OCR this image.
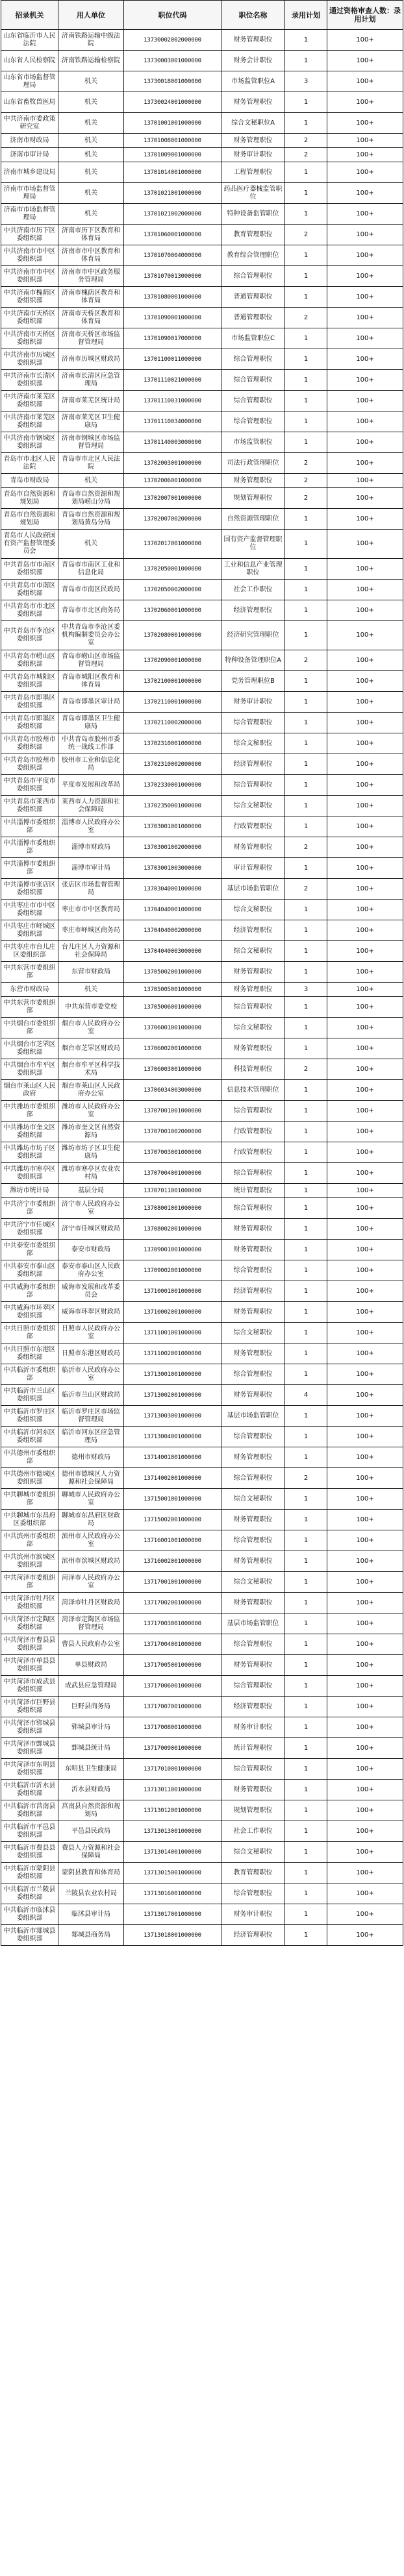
招录机关	用人单位	职位代码	职位名称	录用计划	通过资格审查人数：录用计划
山东省临沂市人民法院	济南铁路运输中级法院	13730002002000000	财务管理职位	1	100+
山东省人民检察院	济南铁路运输检察院	13730003001000000	财务会计职位	1	100+
山东省市场监督管理局	机关	13730018001000000	市场监管职位A	3	100+
山东省畜牧兽医局	机关	13730024001000000	财务管理职位	1	100+
中共济南市委政策研究室	机关	13701001001000000	综合文秘职位A	1	100+
济南市财政局	机关	13701008001000000	财务管理职位	2	100+
济南市审计局	机关	13701009001000000	财务审计职位	2	100+
济南市城乡建设局	机关	13701014001000000	工程管理职位	1	100+
济南市市场监督管理局	机关	13701021001000000	药品医疗器械监管职位	1	100+
济南市市场监督管理局	机关	13701021002000000	特种设备监管职位	1	100+
中共济南市历下区委组织部	济南市历下区教育和体育局	13701060001000000	教育管理职位	2	100+
中共济南市市中区委组织部	济南市市中区教育和体育局	13701070004000000	教育综合管理职位	1	100+
中共济南市市中区委组织部	济南市市中区政务服务管理局	13701070013000000	综合管理职位	1	100+
中共济南市槐荫区委组织部	济南市槐荫区教育和体育局	13701080001000000	普通管理职位	1	100+
中共济南市天桥区委组织部	济南市天桥区教育和体育局	13701090001000000	普通管理职位	2	100+
中共济南市天桥区委组织部	济南市天桥区市场监督管理局	13701090017000000	市场监管职位C	1	100+
中共济南市历城区委组织部	济南市历城区财政局	13701100011000000	综合管理职位	1	100+
中共济南市长清区委组织部	济南市长清区应急管理局	13701110021000000	综合管理职位	1	100+
中共济南市莱芜区委组织部	济南市莱芜区统计局	13701110031000000	综合管理职位	1	100+
中共济南市莱芜区委组织部	济南市莱芜区卫生健康局	13701110034000000	综合管理职位	1	100+
中共济南市钢城区委组织部	济南市钢城区市场监督管理局	13701140003000000	市场监管职位	1	100+
青岛市市北区人民法院	青岛市市北区人民法院	13702003001000000	司法行政管理职位	2	100+
青岛市财政局	机关	13702006001000000	财务管理职位	2	100+
青岛市自然资源和规划局	青岛市自然资源和规划局崂山分局	13702007001000000	规划管理职位	2	100+
青岛市自然资源和规划局	青岛市自然资源和规划局黄岛分局	13702007002000000	自然资源管理职位	1	100+
青岛市人民政府国有资产监督管理委员会	机关	13702017001000000	国有资产监督管理职位	1	100+
中共青岛市市南区委组织部	青岛市市南区工业和信息化局	13702050001000000	工业和信息产业管理职位	1	100+
中共青岛市市南区委组织部	青岛市市南区民政局	13702050002000000	社会工作职位	1	100+
中共青岛市市北区委组织部	青岛市市北区商务局	13702060001000000	经济管理职位	1	100+
中共青岛市李沧区委组织部	中共青岛市李沧区委机构编制委员会办公室	13702080001000000	经济研究管理职位	1	100+
中共青岛市崂山区委组织部	青岛市崂山区市场监督管理局	13702090001000000	特种设备管理职位A	2	100+
中共青岛市城阳区委组织部	青岛市城阳区教育和体育局	13702100001000000	党务管理职位B	1	100+
中共青岛市即墨区委组织部	青岛市即墨区审计局	13702110001000000	财务审计职位	1	100+
中共青岛市即墨区委组织部	青岛市即墨区卫生健康局	13702110002000000	综合管理职位	1	100+
中共青岛市胶州市委组织部	中共青岛市胶州市委统一战线工作部	13702310001000000	综合文秘职位	1	100+
中共青岛市胶州市委组织部	胶州市工业和信息化局	13702310002000000	经济管理职位	1	100+
中共青岛市平度市委组织部	平度市发展和改革局	13702330001000000	综合管理职位	1	100+
中共青岛市莱西市委组织部	莱西市人力资源和社会保障局	13702350001000000	综合文秘职位	1	100+
中共淄博市委组织部	淄博市人民政府办公室	13703001001000000	行政管理职位	1	100+
中共淄博市委组织部	淄博市财政局	13703001002000000	财务管理职位	2	100+
中共淄博市委组织部	淄博市审计局	13703001003000000	审计管理职位	1	100+
中共淄博市张店区委组织部	张店区市场监督管理局	13703040001000000	基层市场监管职位	2	100+
中共枣庄市市中区委组织部	枣庄市市中区教育局	13704040001000000	综合文秘职位	1	100+
中共枣庄市峄城区委组织部	枣庄市峄城区商务局	13704040002000000	经济管理职位	1	100+
中共枣庄市台儿庄区委组织部	台儿庄区人力资源和社会保障局	13704040003000000	综合文秘职位	1	100+
中共东营市委组织部	东营市财政局	13705002001000000	财务管理职位	1	100+
东营市财政局	机关	13705005001000000	财务管理职位	3	100+
中共东营市委组织部	中共东营市委党校	13705006001000000	综合管理职位	1	100+
中共烟台市委组织部	烟台市人民政府办公室	13706001001000000	综合文秘职位	1	100+
中共烟台市芝罘区委组织部	烟台市芝罘区财政局	13706002001000000	财务管理职位	1	100+
中共烟台市牟平区委组织部	烟台市牟平区科学技术局	13706003001000000	科技管理职位	2	100+
烟台市莱山区人民政府	烟台市莱山区人民政府办公室	13706034003000000	信息技术管理职位	1	100+
中共潍坊市委组织部	潍坊市人民政府办公室	13707001001000000	综合管理职位	1	100+
中共潍坊市奎文区委组织部	潍坊市奎文区自然资源局	13707001002000000	行政管理职位	1	100+
中共潍坊市坊子区委组织部	潍坊市坊子区卫生健康局	13707003001000000	行政管理职位	1	100+
中共潍坊市寒亭区委组织部	潍坊市寒亭区农业农村局	13707004001000000	综合管理职位	1	100+
潍坊市统计局	基层分局	13707011001000000	统计管理职位	1	100+
中共济宁市委组织部	济宁市人民政府办公室	13708001001000000	综合管理职位	1	100+
中共济宁市任城区委组织部	济宁市任城区财政局	13708002001000000	财务管理职位	1	100+
中共泰安市委组织部	泰安市财政局	13709001001000000	财务管理职位	1	100+
中共泰安市泰山区委组织部	泰安市泰山区人民政府办公室	13709002001000000	综合管理职位	1	100+
中共威海市委组织部	威海市发展和改革委员会	13710001001000000	经济管理职位	1	100+
中共威海市环翠区委组织部	威海市环翠区财政局	13710002001000000	财务管理职位	1	100+
中共日照市委组织部	日照市人民政府办公室	13711001001000000	综合文秘职位	1	100+
中共日照市东港区委组织部	日照市东港区财政局	13711002001000000	财务管理职位	1	100+
中共临沂市委组织部	临沂市人民政府办公室	13713001001000000	综合管理职位	1	100+
中共临沂市兰山区委组织部	临沂市兰山区财政局	13713002001000000	财务管理职位	4	100+
中共临沂市罗庄区委组织部	临沂市罗庄区市场监督管理局	13713003001000000	基层市场监管职位	1	100+
中共临沂市河东区委组织部	临沂市河东区应急管理局	13713004001000000	综合管理职位	1	100+
中共德州市委组织部	德州市财政局	13714001001000000	财务管理职位	1	100+
中共德州市德城区委组织部	德州市德城区人力资源和社会保障局	13714002001000000	综合管理职位	2	100+
中共聊城市委组织部	聊城市人民政府办公室	13715001001000000	综合文秘职位	1	100+
中共聊城市东昌府区委组织部	聊城市东昌府区财政局	13715002001000000	财务管理职位	1	100+
中共滨州市委组织部	滨州市人民政府办公室	13716001001000000	综合管理职位	1	100+
中共滨州市滨城区委组织部	滨州市滨城区财政局	13716002001000000	财务管理职位	1	100+
中共菏泽市委组织部	菏泽市人民政府办公室	13717001001000000	综合文秘职位	1	100+
中共菏泽市牡丹区委组织部	菏泽市牡丹区财政局	13717002001000000	财务管理职位	1	100+
中共菏泽市定陶区委组织部	菏泽市定陶区市场监督管理局	13717003001000000	基层市场监管职位	1	100+
中共菏泽市曹县县委组织部	曹县人民政府办公室	13717004001000000	综合管理职位	1	100+
中共菏泽市单县县委组织部	单县财政局	13717005001000000	财务管理职位	1	100+
中共菏泽市成武县委组织部	成武县应急管理局	13717006001000000	综合管理职位	1	100+
中共菏泽市巨野县委组织部	巨野县商务局	13717007001000000	经济管理职位	1	100+
中共菏泽市郓城县委组织部	郓城县审计局	13717008001000000	财务审计职位	1	100+
中共菏泽市鄄城县委组织部	鄄城县统计局	13717009001000000	统计管理职位	1	100+
中共菏泽市东明县委组织部	东明县卫生健康局	13717010001000000	综合管理职位	1	100+
中共临沂市沂水县委组织部	沂水县财政局	13713011001000000	财务管理职位	1	100+
中共临沂市莒南县委组织部	莒南县自然资源和规划局	13713012001000000	规划管理职位	1	100+
中共临沂市平邑县委组织部	平邑县民政局	13713013001000000	社会工作职位	1	100+
中共临沂市费县县委组织部	费县人力资源和社会保障局	13713014001000000	综合文秘职位	1	100+
中共临沂市蒙阴县委组织部	蒙阴县教育和体育局	13713015001000000	教育管理职位	1	100+
中共临沂市兰陵县委组织部	兰陵县农业农村局	13713016001000000	综合管理职位	1	100+
中共临沂市临沭县委组织部	临沭县审计局	13713017001000000	财务审计职位	1	100+
中共临沂市郯城县委组织部	郯城县商务局	13713018001000000	经济管理职位	1	100+
